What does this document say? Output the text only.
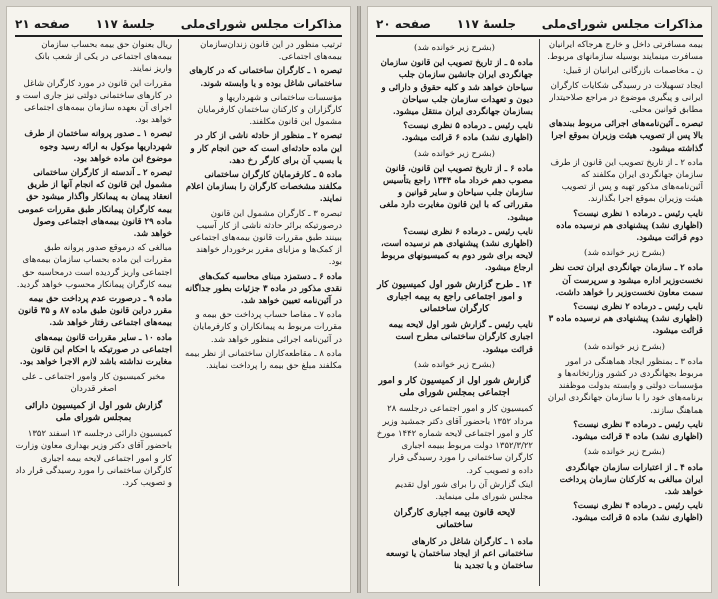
مذاکرات مجلس شورای‌ملی
جلسهٔ ۱۱۷
صفحه ۲۱

ترتیب منظور در این قانون زندان‌سازمان بیمه‌های اجتماعی.

تبصره ۱ ـ کارگران ساختمانی که در کارهای ساختمانی شاغل بوده و یا وابسته شوند.

مؤسسات ساختمانی و شهرداریها و کارگزاران و کارکنان ساختمان کارفرمایان مشمول این قانون مکلفند.

تبصره ۲ ـ منظور از حادثه ناشی از کار در این ماده حادثه‌ای است که حین انجام کار و یا بسبب آن برای کارگر رخ دهد.

ماده ۵ ـ کارفرمایان کارگران ساختمانی مکلفند مشخصات کارگران را بسازمان اعلام نمایند.

تبصره ۳ ـ کارگران مشمول این قانون درصورتیکه برائر حادثه ناشی از کار آسیب ببینند طبق مقررات قانون بیمه‌های اجتماعی از کمک‌ها و مزایای مقرر برخوردار خواهند بود.

ماده ۶ ـ دستمزد مبنای محاسبه کمک‌های نقدی مذکور در ماده ۳ جزئیات بطور جداگانه در آئین‌نامه تعیین خواهد شد.

ماده ۷ ـ مفاصا حساب پرداخت حق بیمه و مقررات مربوط به پیمانکاران و کارفرمایان در آئین‌نامه اجرائی منظور خواهد شد.

ماده ۸ ـ مقاطعه‌کاران ساختمانی از نظر بیمه مکلفند مبلغ حق بیمه را پرداخت نمایند.

ریال بعنوان حق بیمه بحساب سازمان بیمه‌های اجتماعی در یکی از شعب بانک واریز نمایند.

مقررات این قانون در مورد کارگران شاغل در کارهای ساختمانی دولتی نیز جاری است و اجرای آن بعهده سازمان بیمه‌های اجتماعی خواهد بود.

تبصره ۱ ـ صدور پروانه ساختمان از طرف شهرداریها موکول به ارائه رسید وجوه موضوع این ماده خواهد بود.

تبصره ۲ ـ آندسته از کارگران ساختمانی مشمول این قانون که انجام آنها از طریق انعقاد پیمان به پیمانکار واگذار میشود حق بیمه کارگران پیمانکار طبق مقررات عمومی ماده ۲۹ قانون بیمه‌های اجتماعی وصول خواهد شد.

مبالغی که درموقع صدور پروانه طبق مقررات این ماده بحساب سازمان بیمه‌های اجتماعی واریز گردیده است درمحاسبه حق بیمه کارگران پیمانکار محسوب خواهد گردید.

ماده ۹ ـ درصورت عدم پرداخت حق بیمه مقرر دراین قانون طبق ماده ۸۷ و ۳۵ قانون بیمه‌های اجتماعی رفتار خواهد شد.

ماده ۱۰ ـ سایر مقررات قانون بیمه‌های اجتماعی در صورتیکه با احکام این قانون مغایرت نداشته باشد لازم الاجرا خواهد بود.

مخبر کمیسیون کار وامور اجتماعی ـ علی اصغر قدردان

گزارش شور اول از کمیسیون دارائی بمجلس شورای ملی

کمیسیون دارائی درجلسه ۱۳ اسفند ۱۳۵۲ باحضور آقای دکتر وزیر بهداری معاون وزارت کار و امور اجتماعی لایحه بیمه اجباری کارگران ساختمانی را مورد رسیدگی قرار داد و تصویب کرد.

مذاکرات مجلس شورای‌ملی
جلسهٔ ۱۱۷
صفحه ۲۰

بیمه مسافرتی داخل و خارج هرجاکه ایرانیان مسافرت مینمایند بوسیله سازمانهای مربوط.

ن ـ مخاصمات بازرگانی ایرانیان از قبیل:

ایجاد تسهیلات در رسیدگی شکایات کارگران ایرانی و پیگیری موضوع در مراجع صلاحیتدار مطابق قوانین محلی.

تبصره ـ آئین‌نامه‌های اجرائی مربوط ببندهای بالا پس از تصویب هیئت وزیران بموقع اجرا گذاشته میشود.

ماده ۲ ـ از تاریخ تصویب این قانون از طرف سازمان جهانگردی ایران مکلفند که آئین‌نامه‌های مذکور تهیه و پس از تصویب هیئت وزیران بموقع اجرا بگذارند.

نایب رئیس ـ درماده ۱ نظری نیست؟ (اظهاری نشد) پیشنهادی هم نرسیده ماده دوم قرائت میشود.

(بشرح زیر خوانده شد)

ماده ۲ ـ سازمان جهانگردی ایران تحت نظر نخست‌وزیر اداره میشود و سرپرست آن سمت معاون نخست‌وزیر را خواهد داشت.

نایب رئیس ـ درماده ۲ نظری نیست؟ (اظهاری نشد) پیشنهادی هم نرسیده ماده ۳ قرائت میشود.

(بشرح زیر خوانده شد)

ماده ۳ ـ بمنظور ایجاد هماهنگی در امور مربوط بجهانگردی در کشور وزارتخانه‌ها و مؤسسات دولتی و وابسته بدولت موظفند برنامه‌های خود را با سازمان جهانگردی ایران هماهنگ سازند.

نایب رئیس ـ درماده ۳ نظری نیست؟ (اظهاری نشد) ماده ۴ قرائت میشود.

(بشرح زیر خوانده شد)

ماده ۴ ـ از اعتبارات سازمان جهانگردی ایران مبالغی به کارکنان سازمان پرداخت خواهد شد.

نایب رئیس ـ درماده ۴ نظری نیست؟ (اظهاری نشد) ماده ۵ قرائت میشود.

(بشرح زیر خوانده شد)

ماده ۵ ـ از تاریخ تصویب این قانون سازمان جهانگردی ایران جانشین سازمان جلب سیاحان خواهد شد و کلیه حقوق و دارائی و دیون و تعهدات سازمان جلب سیاحان بسازمان جهانگردی ایران منتقل میشود.

نایب رئیس ـ درماده ۵ نظری نیست؟ (اظهاری نشد) ماده ۶ قرائت میشود.

(بشرح زیر خوانده شد)

ماده ۶ ـ از تاریخ تصویب این قانون، قانون مصوب دهم خرداد ماه ۱۳۴۴ راجع بتأسیس سازمان جلب سیاحان و سایر قوانین و مقرراتی که با این قانون مغایرت دارد ملغی میشود.

نایب رئیس ـ درماده ۶ نظری نیست؟ (اظهاری نشد) پیشنهادی هم نرسیده است، لایحه برای شور دوم به کمیسیونهای مربوط ارجاع میشود.

۱۴ ـ طرح گزارش شور اول کمیسیون کار و امور اجتماعی راجع به بیمه اجباری کارگران ساختمانی

نایب رئیس ـ گزارش شور اول لایحه بیمه اجباری کارگران ساختمانی مطرح است قرائت میشود.

(بشرح زیر خوانده شد)

گزارش شور اول از کمیسیون کار و امور اجتماعی بمجلس شورای ملی

کمیسیون کار و امور اجتماعی درجلسه ۲۸ مرداد ۱۳۵۲ باحضور آقای دکتر جمشید وزیر کار و امور اجتماعی لایحه شماره ۱۴۴۲ مورخ ۱۳۵۲/۳/۲۲ دولت مربوط ببیمه اجباری کارگران ساختمانی را مورد رسیدگی قرار داده و تصویب کرد.

اینک گزارش آن را برای شور اول تقدیم مجلس شورای ملی مینماید.

لایحه قانون بیمه اجباری کارگران ساختمانی

ماده ۱ ـ کارگران شاغل در کارهای ساختمانی اعم از ایجاد ساختمان یا توسعه ساختمان و یا تجدید بنا
